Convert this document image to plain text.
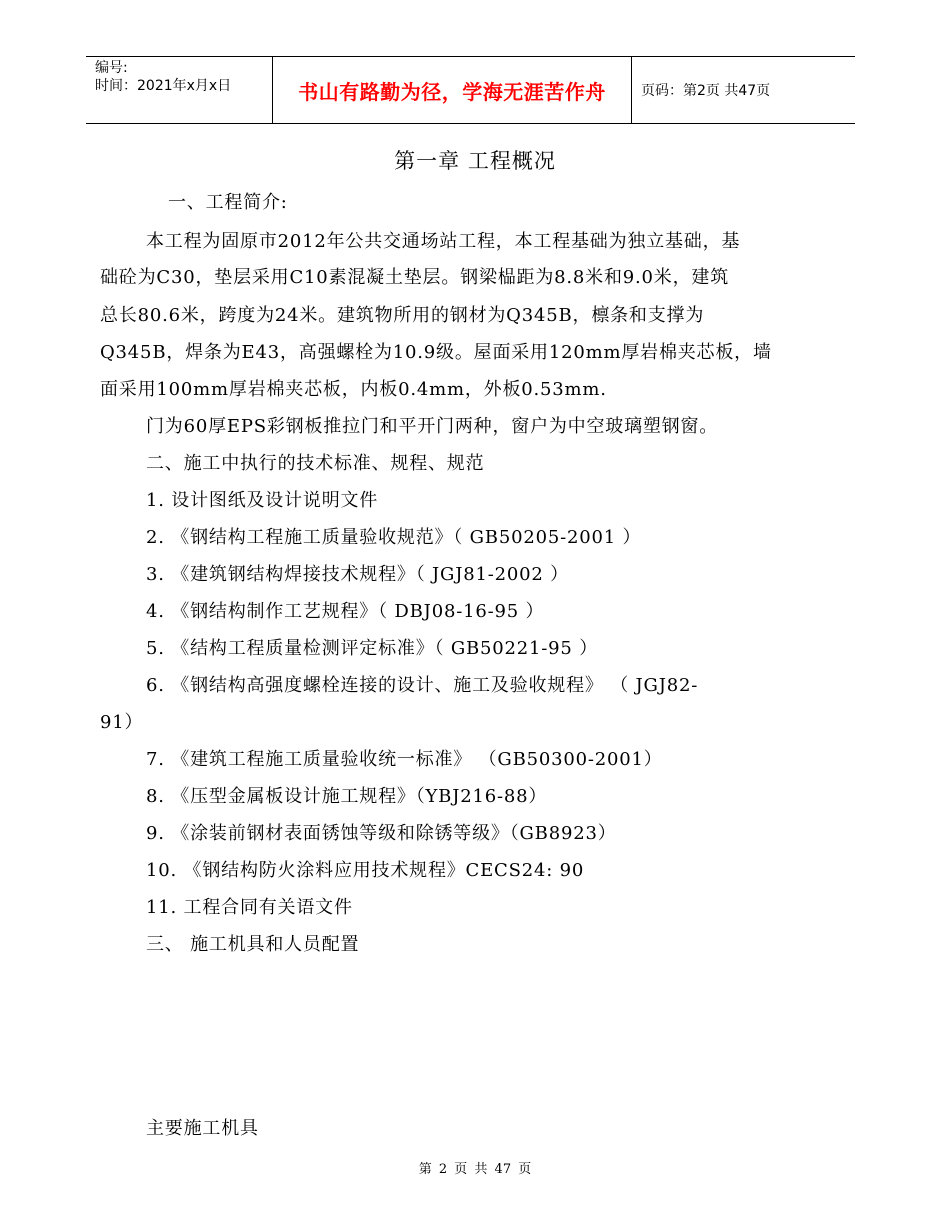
编号:
时间：2021年x月x日	书山有路勤为径，学海无涯苦作舟	页码：第2页 共47页
第一章 工程概况
一、工程简介:
本工程为固原市2012年公共交通场站工程，本工程基础为独立基础，基
础砼为C30，垫层采用C10素混凝土垫层。钢梁榀距为8.8米和9.0米，建筑
总长80.6米，跨度为24米。建筑物所用的钢材为Q345B，檩条和支撑为
Q345B，焊条为E43，高强螺栓为10.9级。屋面采用120mm厚岩棉夹芯板，墙
面采用100mm厚岩棉夹芯板，内板0.4mm，外板0.53mm.
门为60厚EPS彩钢板推拉门和平开门两种，窗户为中空玻璃塑钢窗。
二、施工中执行的技术标准、规程、规范
1. 设计图纸及设计说明文件
2. 《钢结构工程施工质量验收规范》（ GB50205-2001 ）
3. 《建筑钢结构焊接技术规程》（ JGJ81-2002 ）
4. 《钢结构制作工艺规程》（ DBJ08-16-95 ）
5. 《结构工程质量检测评定标准》（ GB50221-95 ）
6. 《钢结构高强度螺栓连接的设计、施工及验收规程》 （ JGJ82-
91）
7. 《建筑工程施工质量验收统一标准》 （GB50300-2001）
8. 《压型金属板设计施工规程》（YBJ216-88）
9. 《涂装前钢材表面锈蚀等级和除锈等级》（GB8923）
10. 《钢结构防火涂料应用技术规程》CECS24: 90
11. 工程合同有关语文件
三、 施工机具和人员配置
主要施工机具
第 2 页 共 47 页
